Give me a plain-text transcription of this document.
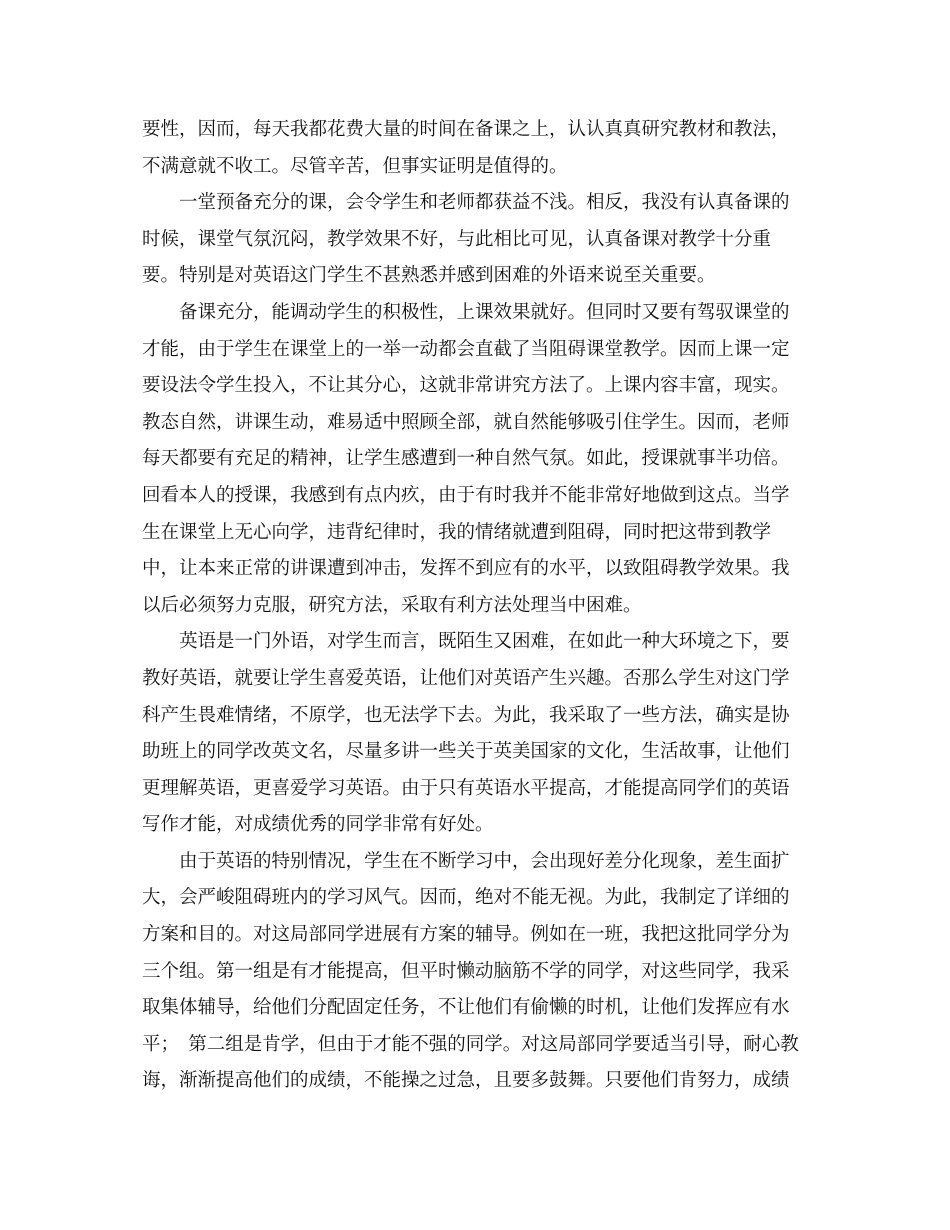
要性，因而，每天我都花费大量的时间在备课之上，认认真真研究教材和教法，
不满意就不收工。尽管辛苦，但事实证明是值得的。
　　一堂预备充分的课，会令学生和老师都获益不浅。相反，我没有认真备课的
时候，课堂气氛沉闷，教学效果不好，与此相比可见，认真备课对教学十分重
要。特别是对英语这门学生不甚熟悉并感到困难的外语来说至关重要。
　　备课充分，能调动学生的积极性，上课效果就好。但同时又要有驾驭课堂的
才能，由于学生在课堂上的一举一动都会直截了当阻碍课堂教学。因而上课一定
要设法令学生投入，不让其分心，这就非常讲究方法了。上课内容丰富，现实。
教态自然，讲课生动，难易适中照顾全部，就自然能够吸引住学生。因而，老师
每天都要有充足的精神，让学生感遭到一种自然气氛。如此，授课就事半功倍。
回看本人的授课，我感到有点内疚，由于有时我并不能非常好地做到这点。当学
生在课堂上无心向学，违背纪律时，我的情绪就遭到阻碍，同时把这带到教学
中，让本来正常的讲课遭到冲击，发挥不到应有的水平，以致阻碍教学效果。我
以后必须努力克服，研究方法，采取有利方法处理当中困难。
　　英语是一门外语，对学生而言，既陌生又困难，在如此一种大环境之下，要
教好英语，就要让学生喜爱英语，让他们对英语产生兴趣。否那么学生对这门学
科产生畏难情绪，不原学，也无法学下去。为此，我采取了一些方法，确实是协
助班上的同学改英文名，尽量多讲一些关于英美国家的文化，生活故事，让他们
更理解英语，更喜爱学习英语。由于只有英语水平提高，才能提高同学们的英语
写作才能，对成绩优秀的同学非常有好处。
　　由于英语的特别情况，学生在不断学习中，会出现好差分化现象，差生面扩
大，会严峻阻碍班内的学习风气。因而，绝对不能无视。为此，我制定了详细的
方案和目的。对这局部同学进展有方案的辅导。例如在一班，我把这批同学分为
三个组。第一组是有才能提高，但平时懒动脑筋不学的同学，对这些同学，我采
取集体辅导，给他们分配固定任务，不让他们有偷懒的时机，让他们发挥应有水
平；　第二组是肯学，但由于才能不强的同学。对这局部同学要适当引导，耐心教
诲，渐渐提高他们的成绩，不能操之过急，且要多鼓舞。只要他们肯努力，成绩
